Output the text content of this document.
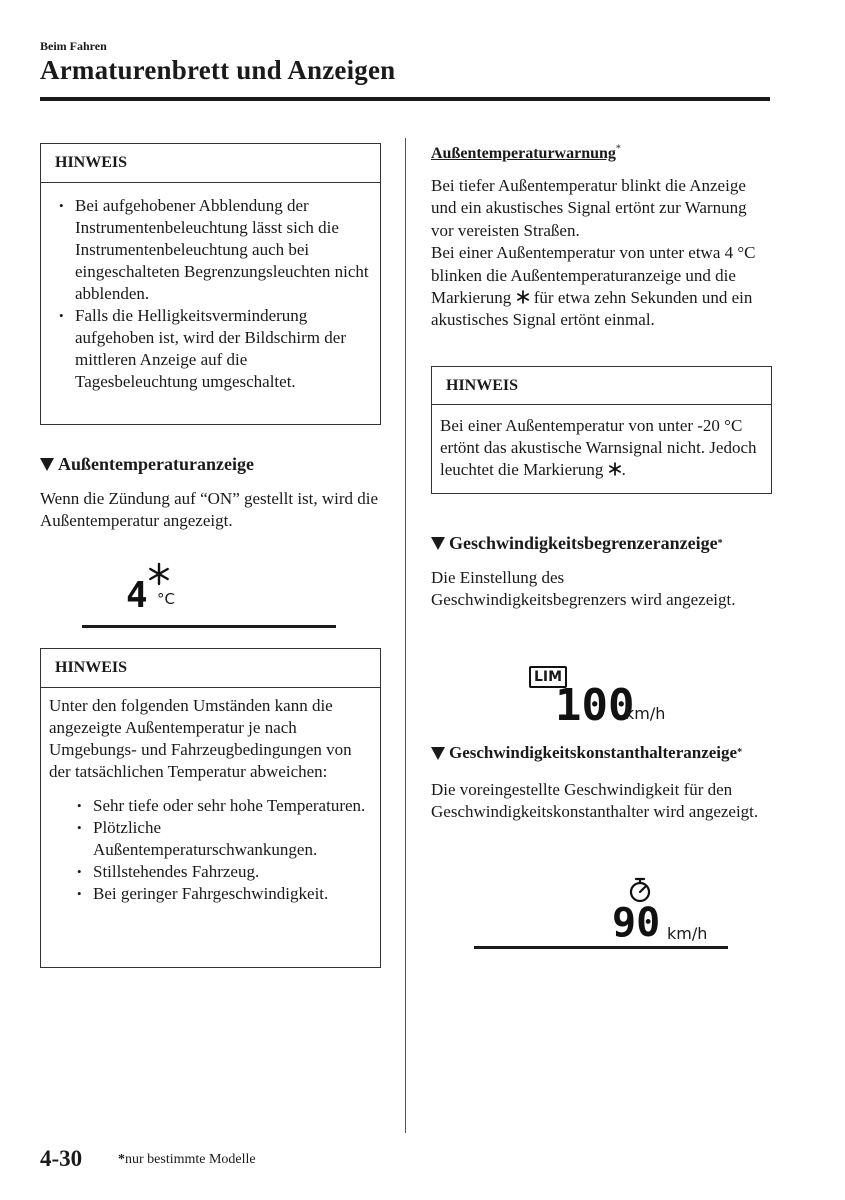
Beim Fahren
Armaturenbrett und Anzeigen
HINWEIS
• Bei aufgehobener Abblendung der Instrumentenbeleuchtung lässt sich die Instrumentenbeleuchtung auch bei eingeschalteten Begrenzungsleuchten nicht abblenden.
• Falls die Helligkeitsverminderung aufgehoben ist, wird der Bildschirm der mittleren Anzeige auf die Tagesbeleuchtung umgeschaltet.
Außentemperaturanzeige
Wenn die Zündung auf “ON” gestellt ist, wird die Außentemperatur angezeigt.
4 °C
HINWEIS
Unter den folgenden Umständen kann die angezeigte Außentemperatur je nach Umgebungs- und Fahrzeugbedingungen von der tatsächlichen Temperatur abweichen:
• Sehr tiefe oder sehr hohe Temperaturen.
• Plötzliche Außentemperaturschwankungen.
• Stillstehendes Fahrzeug.
• Bei geringer Fahrgeschwindigkeit.
Außentemperaturwarnung*
Bei tiefer Außentemperatur blinkt die Anzeige und ein akustisches Signal ertönt zur Warnung vor vereisten Straßen.
Bei einer Außentemperatur von unter etwa 4 °C blinken die Außentemperaturanzeige und die Markierung für etwa zehn Sekunden und ein akustisches Signal ertönt einmal.
HINWEIS
Bei einer Außentemperatur von unter -20 °C ertönt das akustische Warnsignal nicht. Jedoch leuchtet die Markierung .
Geschwindigkeitsbegrenzeranzeige *
Die Einstellung des Geschwindigkeitsbegrenzers wird angezeigt.
LIM
100
km/h
Geschwindigkeitskonstanthalteranzeige *
Die voreingestellte Geschwindigkeit für den Geschwindigkeitskonstanthalter wird angezeigt.
90 km/h
4-30	*nur bestimmte Modelle
